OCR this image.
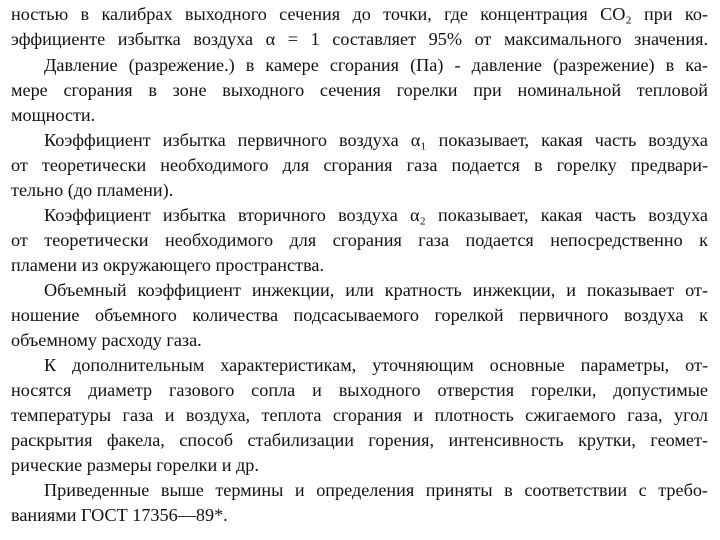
ностью в калибрах выходного сечения до точки, где концентрация СО₂ при ко-
эффициенте избытка воздуха α = 1 составляет 95% от максимального значения.
Давление (разрежение.) в камере сгорания (Па) - давление (разрежение) в ка-
мере сгорания в зоне выходного сечения горелки при номинальной тепловой
мощности.
Коэффициент избытка первичного воздуха α₁ показывает, какая часть воздуха
от теоретически необходимого для сгорания газа подается в горелку предвари-
тельно (до пламени).
Коэффициент избытка вторичного воздуха α₂ показывает, какая часть воздуха
от теоретически необходимого для сгорания газа подается непосредственно к
пламени из окружающего пространства.
Объемный коэффициент инжекции, или кратность инжекции, и показывает от-
ношение объемного количества подсасываемого горелкой первичного воздуха к
объемному расходу газа.
К дополнительным характеристикам, уточняющим основные параметры, от-
носятся диаметр газового сопла и выходного отверстия горелки, допустимые
температуры газа и воздуха, теплота сгорания и плотность сжигаемого газа, угол
раскрытия факела, способ стабилизации горения, интенсивность крутки, геомет-
рические размеры горелки и др.
Приведенные выше термины и определения приняты в соответствии с требо-
ваниями ГОСТ 17356—89*.
